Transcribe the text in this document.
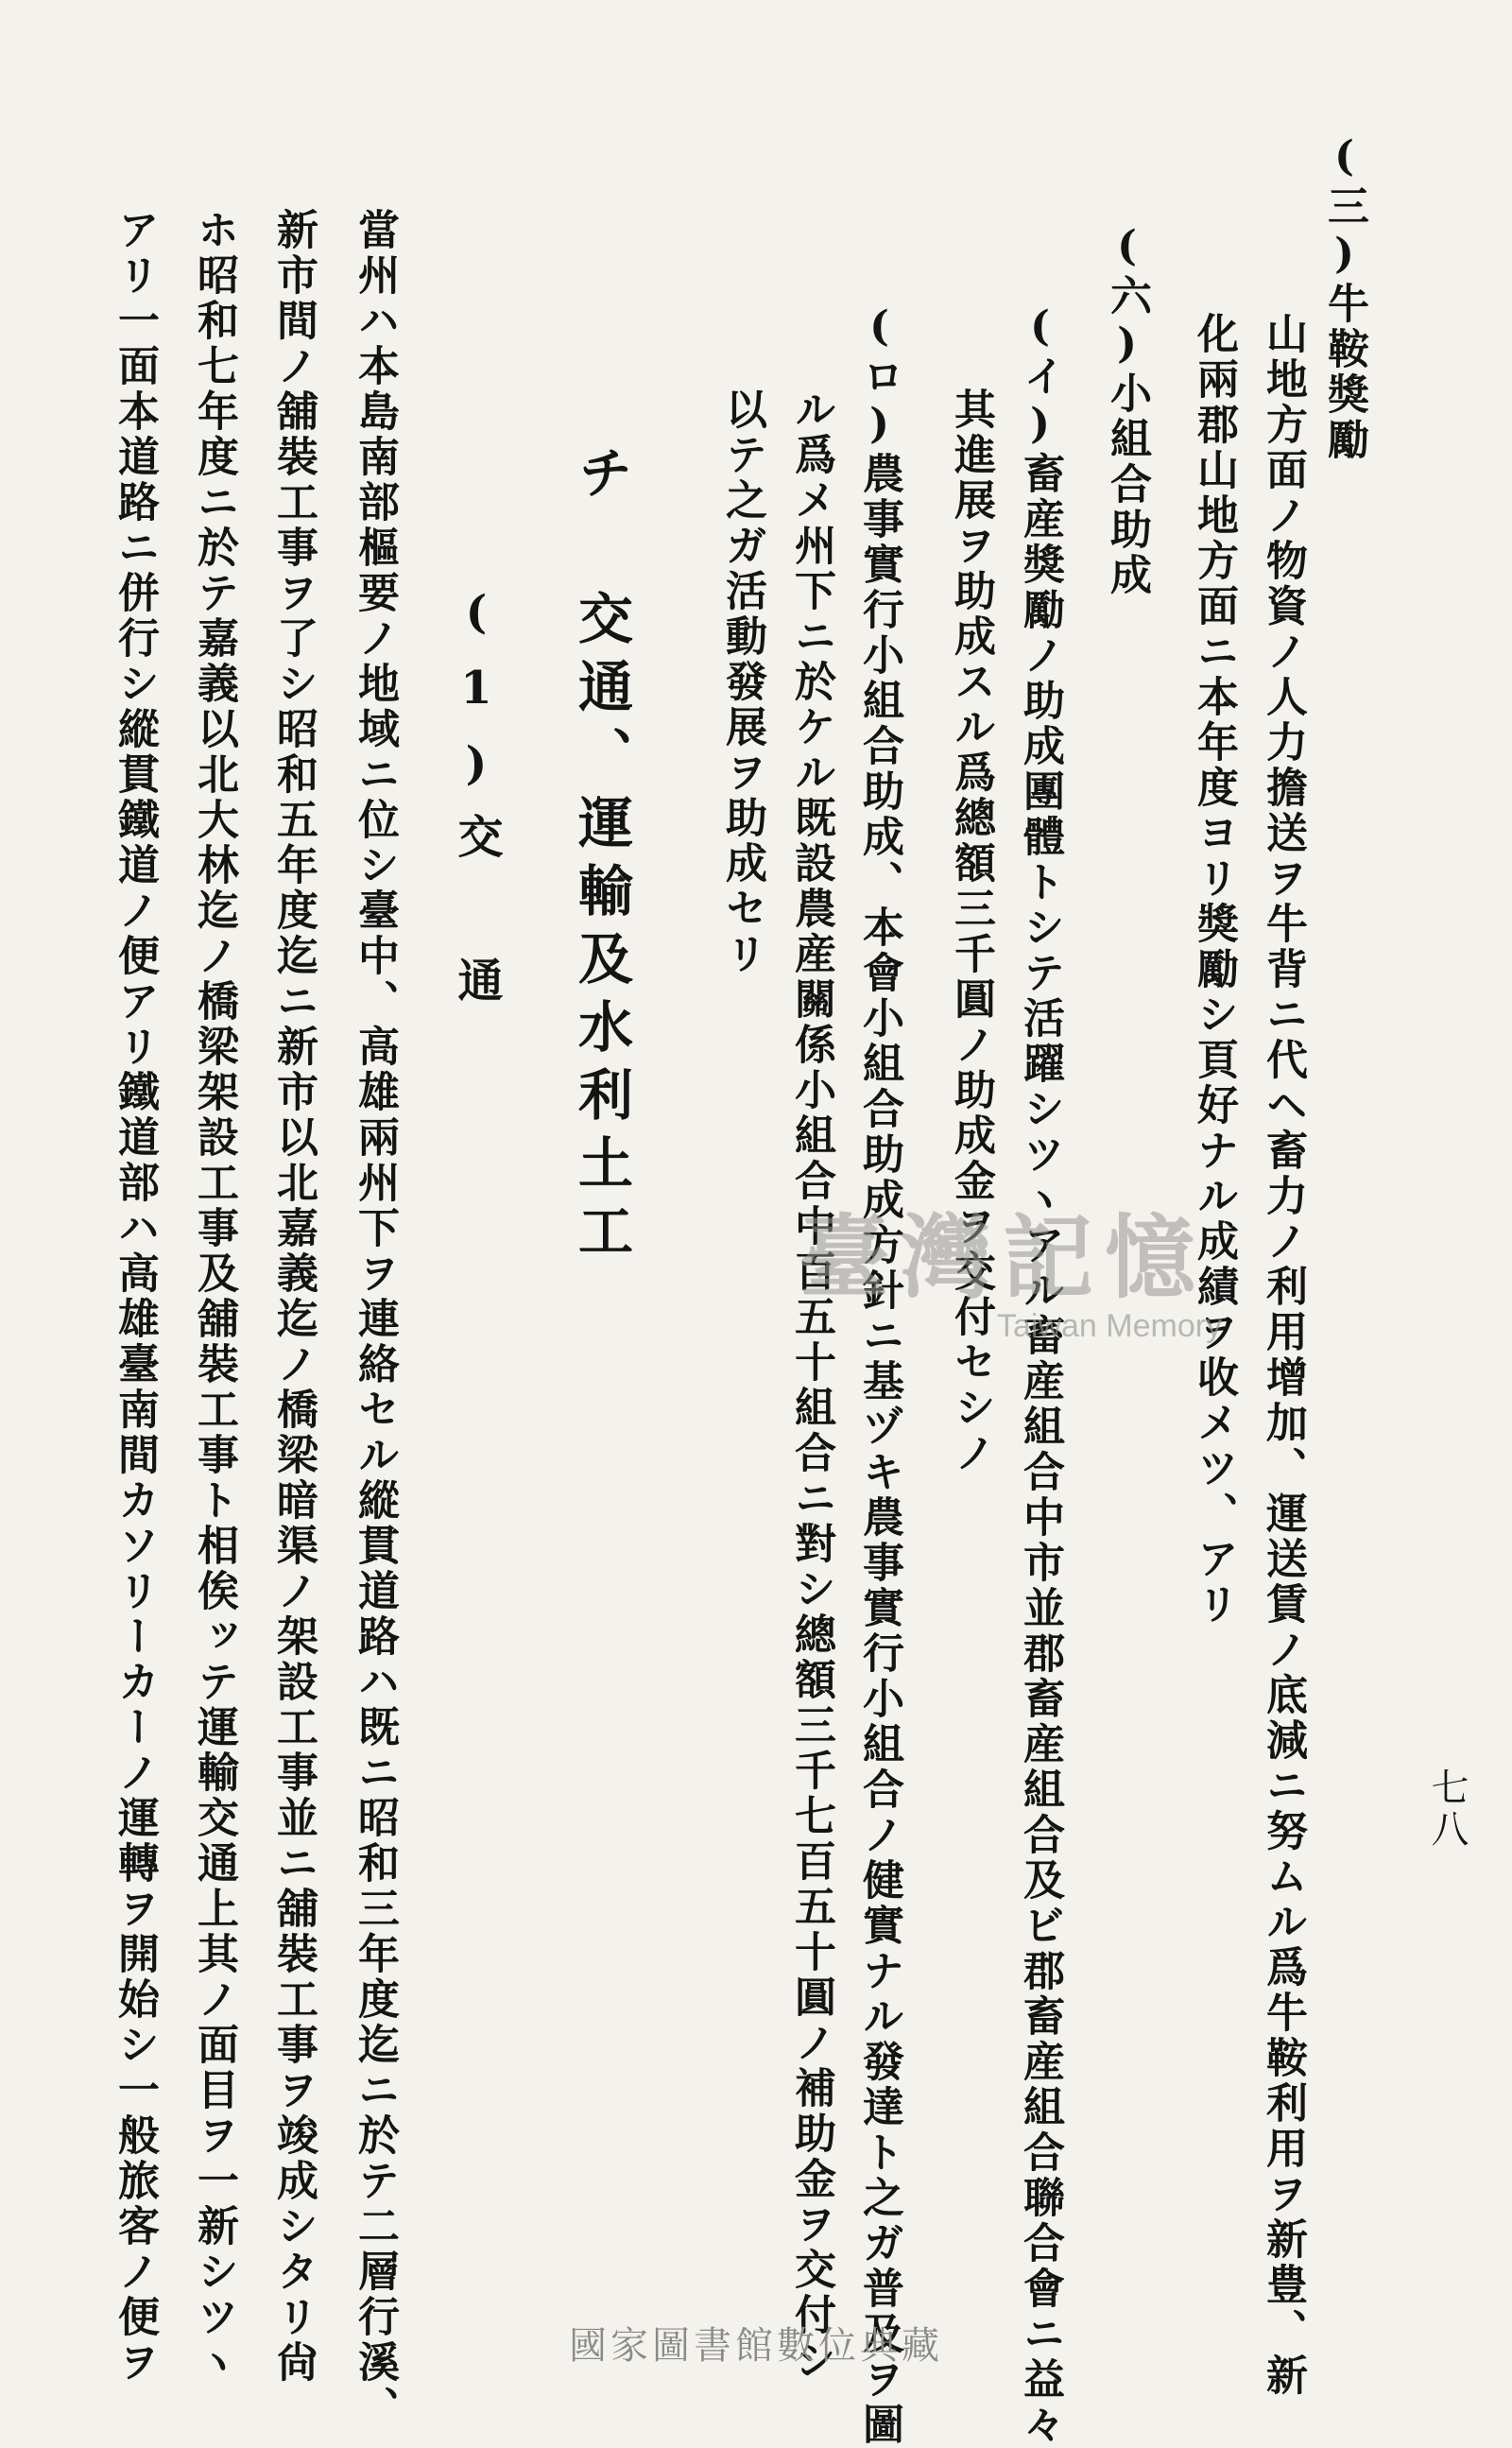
七八
(三)牛鞍獎勵
山地方面ノ物資ノ人力擔送ヲ牛背ニ代ヘ畜力ノ利用增加、運送賃ノ底減ニ努ムル爲牛鞍利用ヲ新豊、新
化兩郡山地方面ニ本年度ヨリ獎勵シ頁好ナル成績ヲ收メツ、アリ
(六)小組合助成
(イ)畜産獎勵ノ助成團體トシテ活躍シツヽアル畜産組合中市並郡畜産組合及ビ郡畜産組合聯合會ニ益々
其進展ヲ助成スル爲總額三千圓ノ助成金ヲ交付セシノ
(ロ)農事實行小組合助成、本會小組合助成方針ニ基ヅキ農事實行小組合ノ健實ナル發達ト之ガ普及ヲ圖
ル爲メ州下ニ於ケル既設農産關係小組合中百五十組合ニ對シ總額三千七百五十圓ノ補助金ヲ交付シ
以テ之ガ活動發展ヲ助成セリ
チ 交通、運輸及水利土工
(1)交 通
當州ハ本島南部樞要ノ地域ニ位シ臺中、高雄兩州下ヲ連絡セル縱貫道路ハ既ニ昭和三年度迄ニ於テ二層行溪、
新市間ノ舖裝工事ヲ了シ昭和五年度迄ニ新市以北嘉義迄ノ橋梁暗渠ノ架設工事並ニ舖裝工事ヲ竣成シタリ尙
ホ昭和七年度ニ於テ嘉義以北大林迄ノ橋梁架設工事及舖裝工事ト相俟ッテ運輸交通上其ノ面目ヲ一新シツヽ
アリ一面本道路ニ併行シ縱貫鐵道ノ便アリ鐵道部ハ高雄臺南間カソリーカーノ運轉ヲ開始シ一般旅客ノ便ヲ	臺灣記憶
Taiwan Memory
國家圖書館數位典藏
